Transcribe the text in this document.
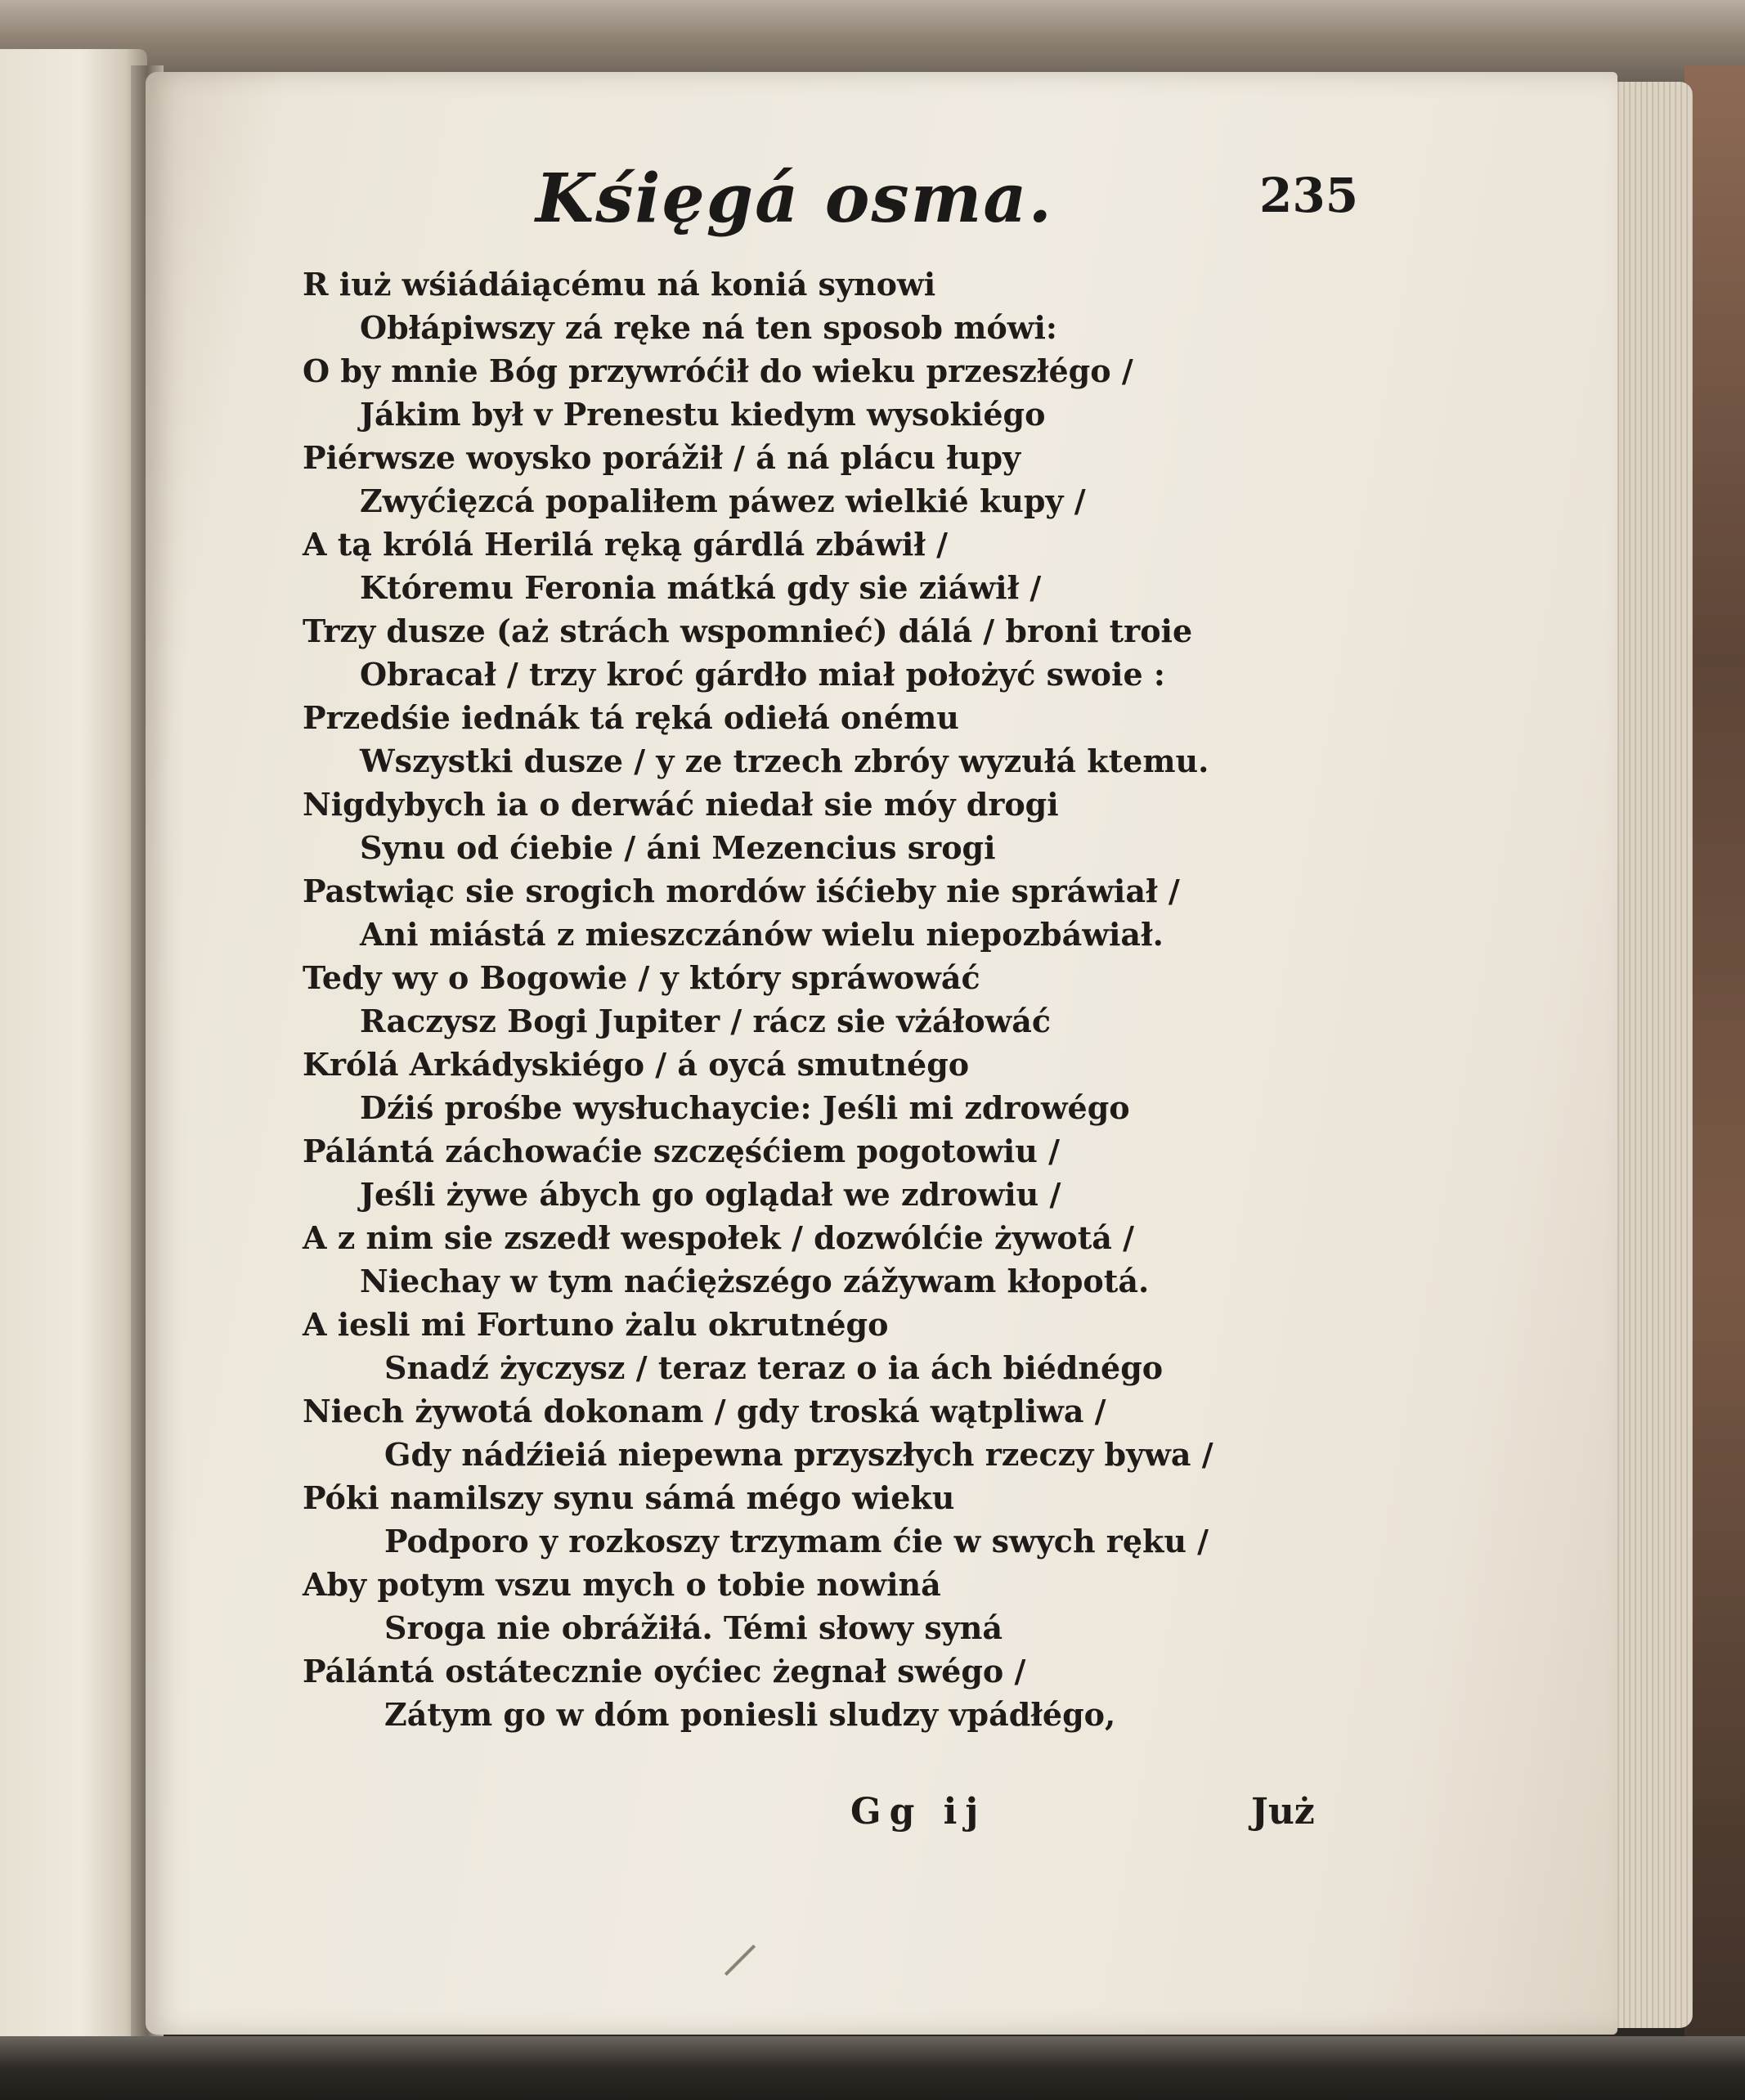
Kśięgá osma.	235
R iuż wśiádáiącému ná koniá synowi
Obłápiwszy zá ręke ná ten sposob mówi:
O by mnie Bóg przywróćił do wieku przeszłégo /
Jákim był v Prenestu kiedym wysokiégo
Piérwsze woysko porážił / á ná plácu łupy
Zwyćięzcá popaliłem páwez wielkié kupy /
A tą królá Herilá ręką gárdlá zbáwił /
Któremu Feronia mátká gdy sie ziáwił /
Trzy dusze (aż strách wspomnieć) dálá / broni troie
Obracał / trzy kroć gárdło miał położyć swoie :
Przedśie iednák tá ręká odiełá onému
Wszystki dusze / y ze trzech zbróy wyzułá ktemu.
Nigdybych ia o derwáć niedał sie móy drogi
Synu od ćiebie / áni Mezencius srogi
Pastwiąc sie srogich mordów iśćieby nie spráwiał /
Ani miástá z mieszczánów wielu niepozbáwiał.
Tedy wy o Bogowie / y który spráwowáć
Raczysz Bogi Jupiter / rácz sie vżáłowáć
Królá Arkádyskiégo / á oycá smutnégo
Dźiś prośbe wysłuchaycie: Jeśli mi zdrowégo
Pálántá záchowaćie szczęśćiem pogotowiu /
Jeśli żywe ábych go oglądał we zdrowiu /
A z nim sie zszedł wespołek / dozwólćie żywotá /
Niechay w tym naćięższégo zážywam kłopotá.
A iesli mi Fortuno żalu okrutnégo
Snadź życzysz / teraz teraz o ia ách biédnégo
Niech żywotá dokonam / gdy troská wątpliwa /
Gdy nádźieiá niepewna przyszłych rzeczy bywa /
Póki namilszy synu sámá mégo wieku
Podporo y rozkoszy trzymam ćie w swych ręku /
Aby potym vszu mych o tobie nowiná
Sroga nie obrážiłá. Témi słowy syná
Pálántá ostátecznie oyćiec żegnał swégo /
Zátym go w dóm poniesli sludzy vpádłégo,
Gg ij	Już
